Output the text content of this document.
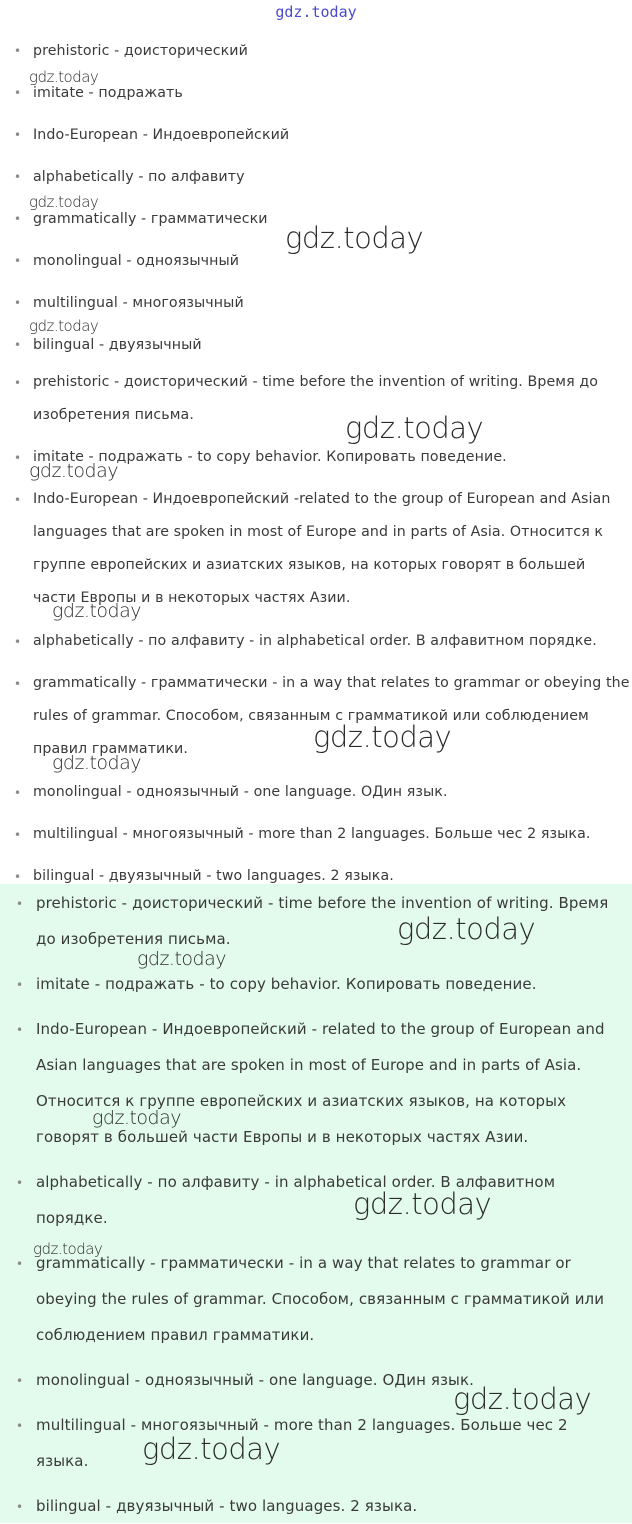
gdz.today
• prehistoric - доисторический
• imitate - подражать
• Indo-European - Индоевропейский
• alphabetically - по алфавиту
• grammatically - грамматически
• monolingual - одноязычный
• multilingual - многоязычный
• bilingual - двуязычный
• prehistoric - доисторический - time before the invention of writing. Время до изобретения письма.
• imitate - подражать - to copy behavior. Копировать поведение.
• Indo-European - Индоевропейский -related to the group of European and Asian languages that are spoken in most of Europe and in parts of Asia. Относится к группе европейских и азиатских языков, на которых говорят в большей части Европы и в некоторых частях Азии.
• alphabetically - по алфавиту - in alphabetical order. В алфавитном порядке.
• grammatically - грамматически - in a way that relates to grammar or obeying the rules of grammar. Способом, связанным с грамматикой или соблюдением правил грамматики.
• monolingual - одноязычный - one language. ОДин язык.
• multilingual - многоязычный - more than 2 languages. Больше чес 2 языка.
• bilingual - двуязычный - two languages. 2 языка.
• prehistoric - доисторический - time before the invention of writing. Время до изобретения письма.
• imitate - подражать - to copy behavior. Копировать поведение.
• Indo-European - Индоевропейский - related to the group of European and Asian languages that are spoken in most of Europe and in parts of Asia. Относится к группе европейских и азиатских языков, на которых говорят в большей части Европы и в некоторых частях Азии.
• alphabetically - по алфавиту - in alphabetical order. В алфавитном порядке.
• grammatically - грамматически - in a way that relates to grammar or obeying the rules of grammar. Способом, связанным с грамматикой или соблюдением правил грамматики.
• monolingual - одноязычный - one language. ОДин язык.
• multilingual - многоязычный - more than 2 languages. Больше чес 2 языка.
• bilingual - двуязычный - two languages. 2 языка.
gdz.today
gdz.today
gdz.today
gdz.today
gdz.today
gdz.today
gdz.today
gdz.today
gdz.today
gdz.today
gdz.today
gdz.today
gdz.today
gdz.today
gdz.today
gdz.today
